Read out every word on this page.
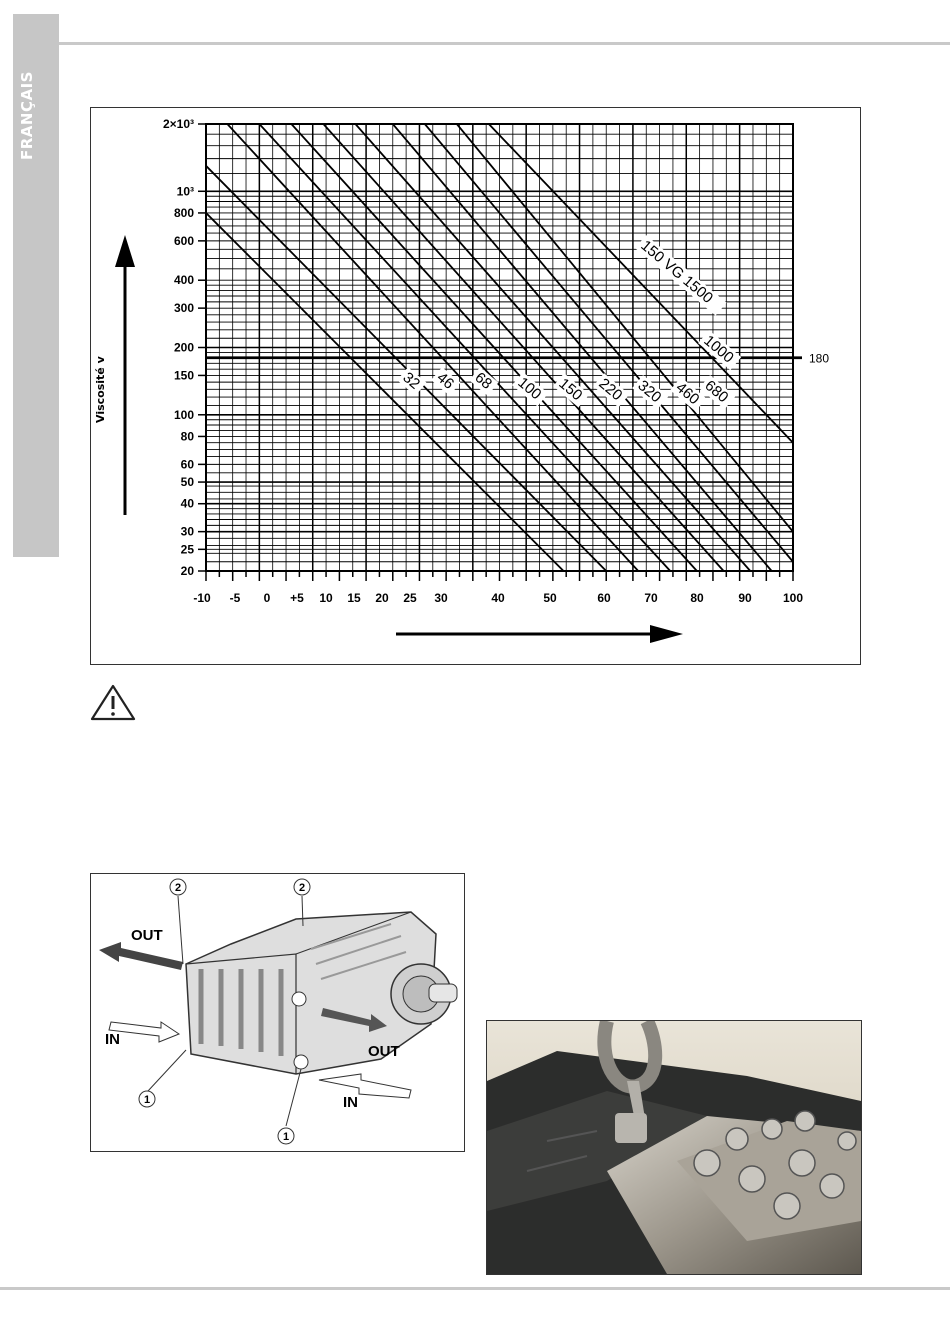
FRANÇAIS
180
2×10³
10³
800
600
400
300
200
150
100
80
60
50
40
30
25
20
-10 -5 0 +5 10 15 20 25 30	40	50	60	70	80	90	100
32 46 68 100 150 220 320 460
680
1000
150 VG 1500
Viscosité v
2	2
1
1
OUT
IN
OUT
IN
